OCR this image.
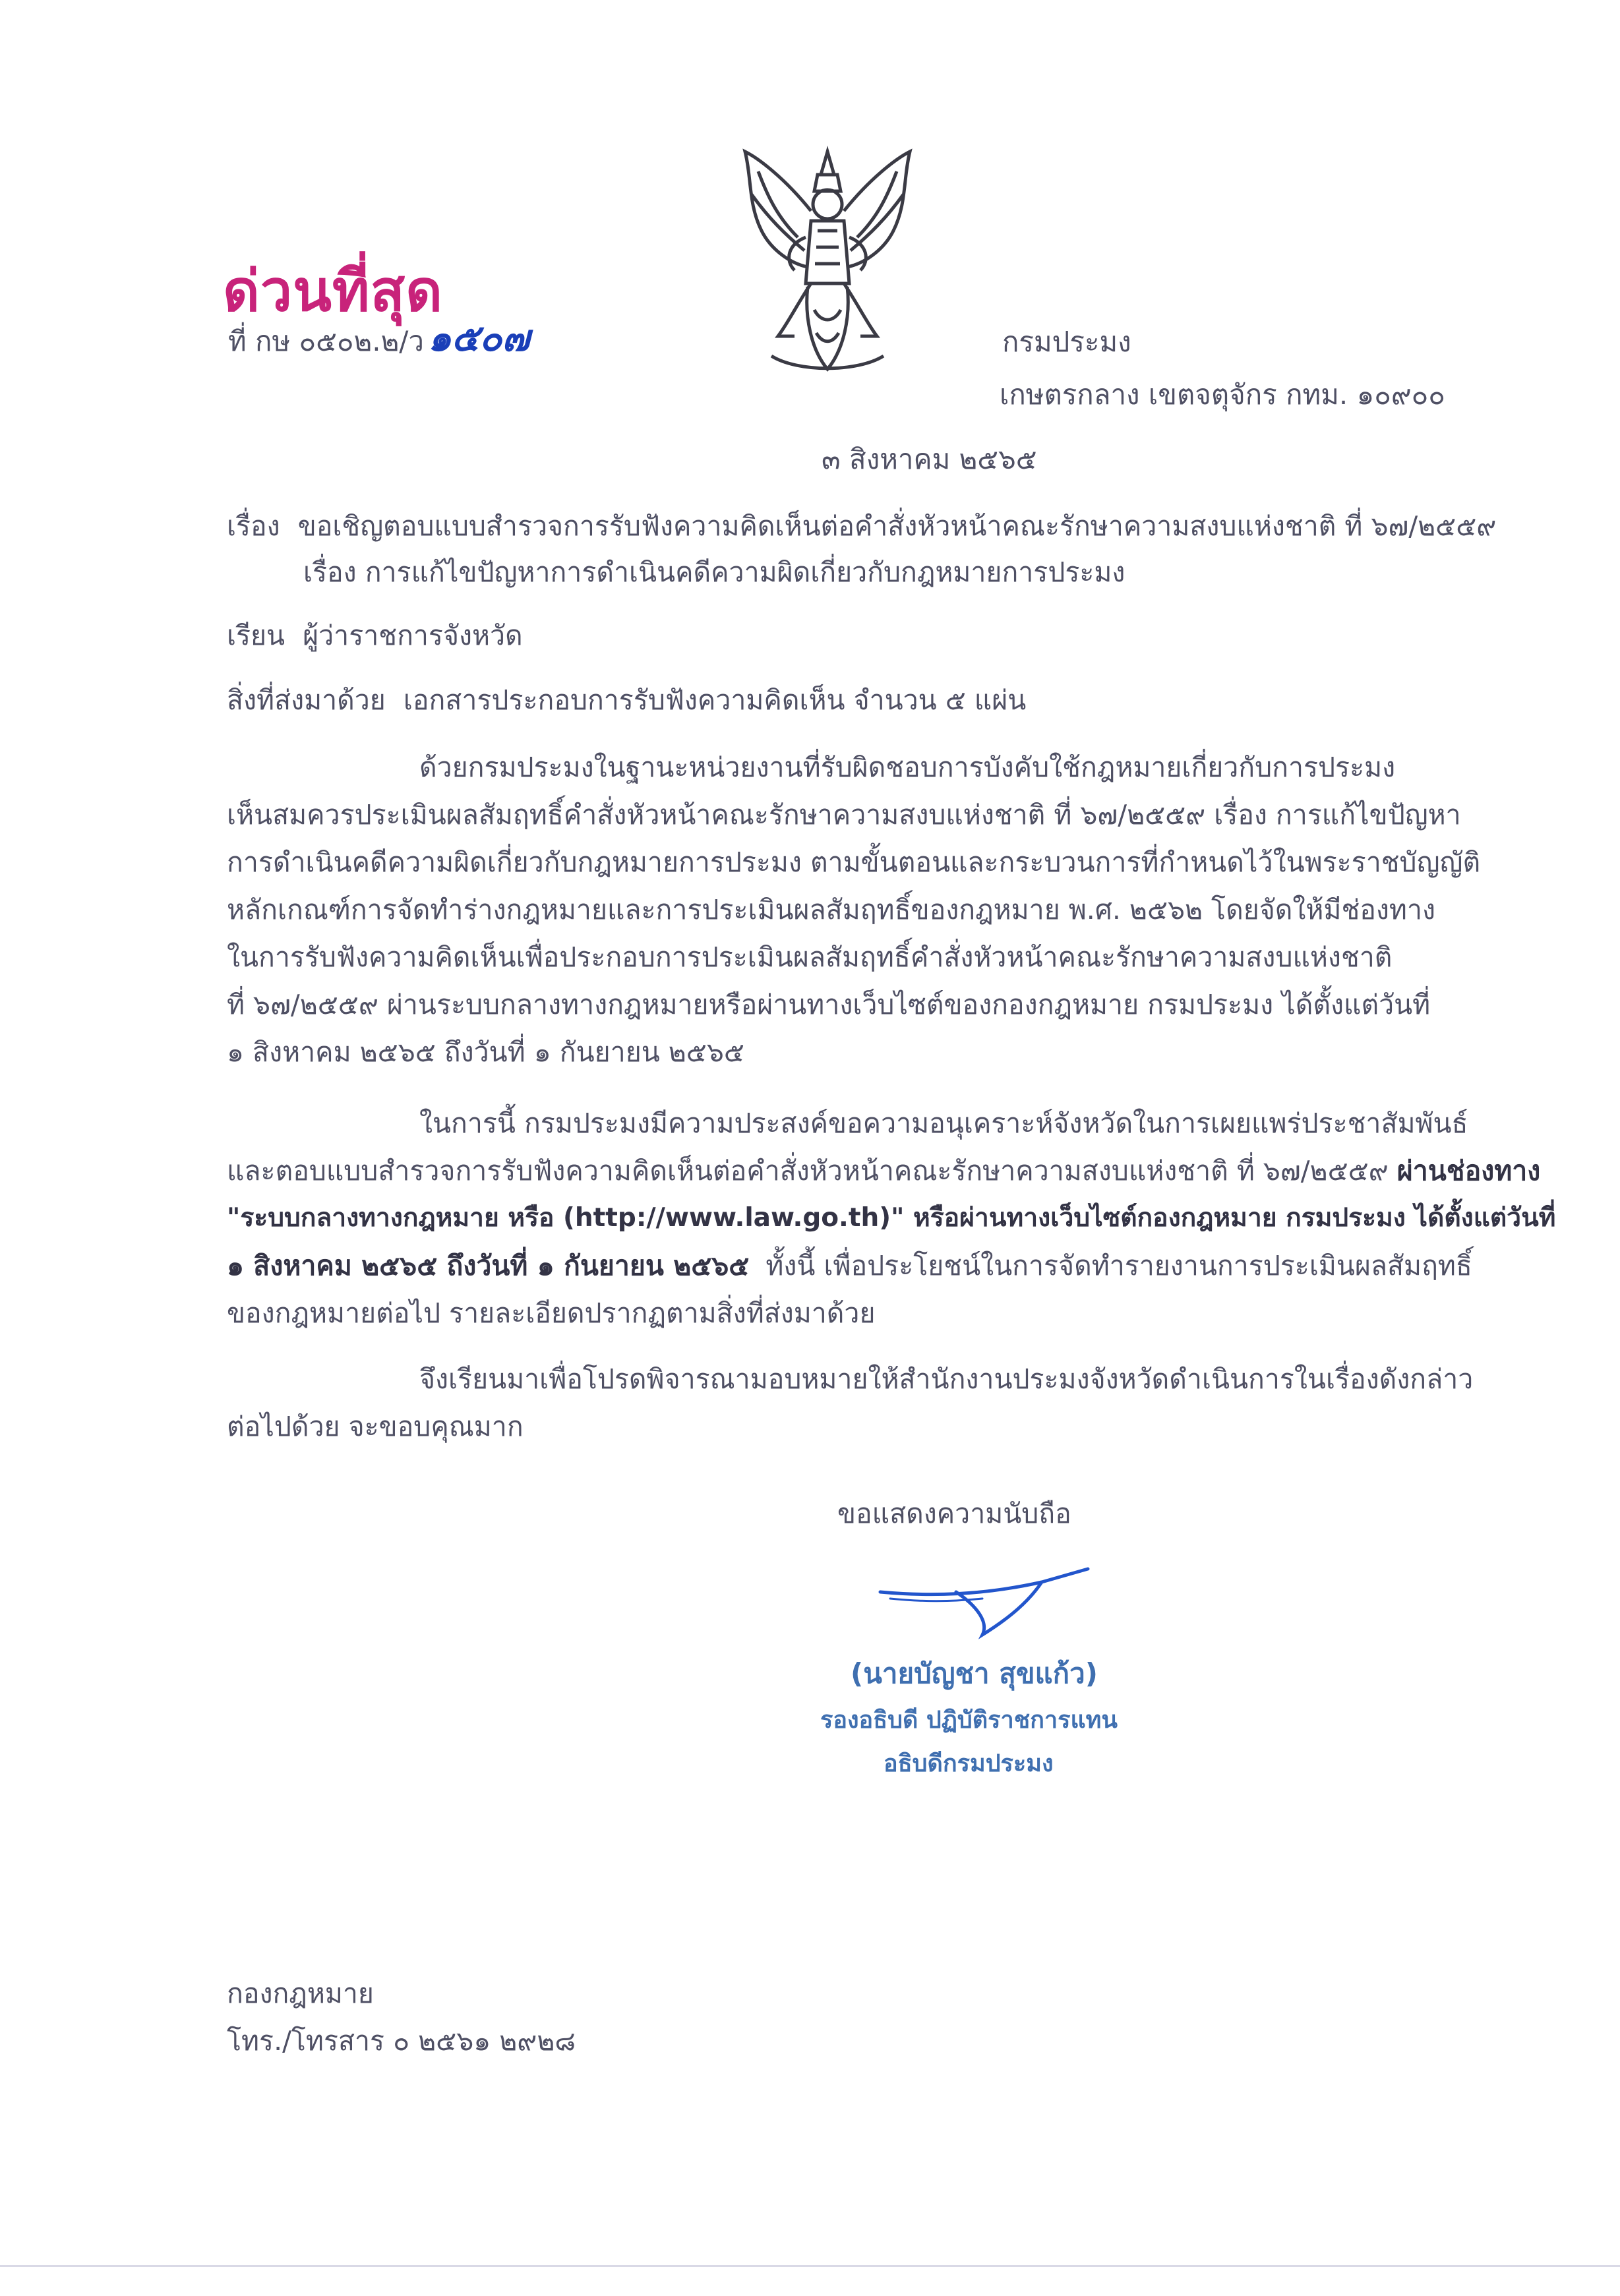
ด่วนที่สุด
ที่ กษ ๐๕๐๒.๒/ว ๑๕๐๗	กรมประมง
เกษตรกลาง เขตจตุจักร กทม. ๑๐๙๐๐
๓ สิงหาคม ๒๕๖๕
เรื่อง ขอเชิญตอบแบบสำรวจการรับฟังความคิดเห็นต่อคำสั่งหัวหน้าคณะรักษาความสงบแห่งชาติ ที่ ๖๗/๒๕๕๙
เรื่อง การแก้ไขปัญหาการดำเนินคดีความผิดเกี่ยวกับกฎหมายการประมง
เรียน ผู้ว่าราชการจังหวัด
สิ่งที่ส่งมาด้วย เอกสารประกอบการรับฟังความคิดเห็น จำนวน ๕ แผ่น
ด้วยกรมประมงในฐานะหน่วยงานที่รับผิดชอบการบังคับใช้กฎหมายเกี่ยวกับการประมง
เห็นสมควรประเมินผลสัมฤทธิ์คำสั่งหัวหน้าคณะรักษาความสงบแห่งชาติ ที่ ๖๗/๒๕๕๙ เรื่อง การแก้ไขปัญหา
การดำเนินคดีความผิดเกี่ยวกับกฎหมายการประมง ตามขั้นตอนและกระบวนการที่กำหนดไว้ในพระราชบัญญัติ
หลักเกณฑ์การจัดทำร่างกฎหมายและการประเมินผลสัมฤทธิ์ของกฎหมาย พ.ศ. ๒๕๖๒ โดยจัดให้มีช่องทาง
ในการรับฟังความคิดเห็นเพื่อประกอบการประเมินผลสัมฤทธิ์คำสั่งหัวหน้าคณะรักษาความสงบแห่งชาติ
ที่ ๖๗/๒๕๕๙ ผ่านระบบกลางทางกฎหมายหรือผ่านทางเว็บไซต์ของกองกฎหมาย กรมประมง ได้ตั้งแต่วันที่
๑ สิงหาคม ๒๕๖๕ ถึงวันที่ ๑ กันยายน ๒๕๖๕
ในการนี้ กรมประมงมีความประสงค์ขอความอนุเคราะห์จังหวัดในการเผยแพร่ประชาสัมพันธ์
และตอบแบบสำรวจการรับฟังความคิดเห็นต่อคำสั่งหัวหน้าคณะรักษาความสงบแห่งชาติ ที่ ๖๗/๒๕๕๙ ผ่านช่องทาง
"ระบบกลางทางกฎหมาย หรือ (http://www.law.go.th)" หรือผ่านทางเว็บไซต์กองกฎหมาย กรมประมง ได้ตั้งแต่วันที่
๑ สิงหาคม ๒๕๖๕ ถึงวันที่ ๑ กันยายน ๒๕๖๕ ทั้งนี้ เพื่อประโยชน์ในการจัดทำรายงานการประเมินผลสัมฤทธิ์
ของกฎหมายต่อไป รายละเอียดปรากฏตามสิ่งที่ส่งมาด้วย
จึงเรียนมาเพื่อโปรดพิจารณามอบหมายให้สำนักงานประมงจังหวัดดำเนินการในเรื่องดังกล่าว
ต่อไปด้วย จะขอบคุณมาก
ขอแสดงความนับถือ
(นายบัญชา สุขแก้ว)
รองอธิบดี ปฏิบัติราชการแทน
อธิบดีกรมประมง
กองกฎหมาย
โทร./โทรสาร ๐ ๒๕๖๑ ๒๙๒๘
